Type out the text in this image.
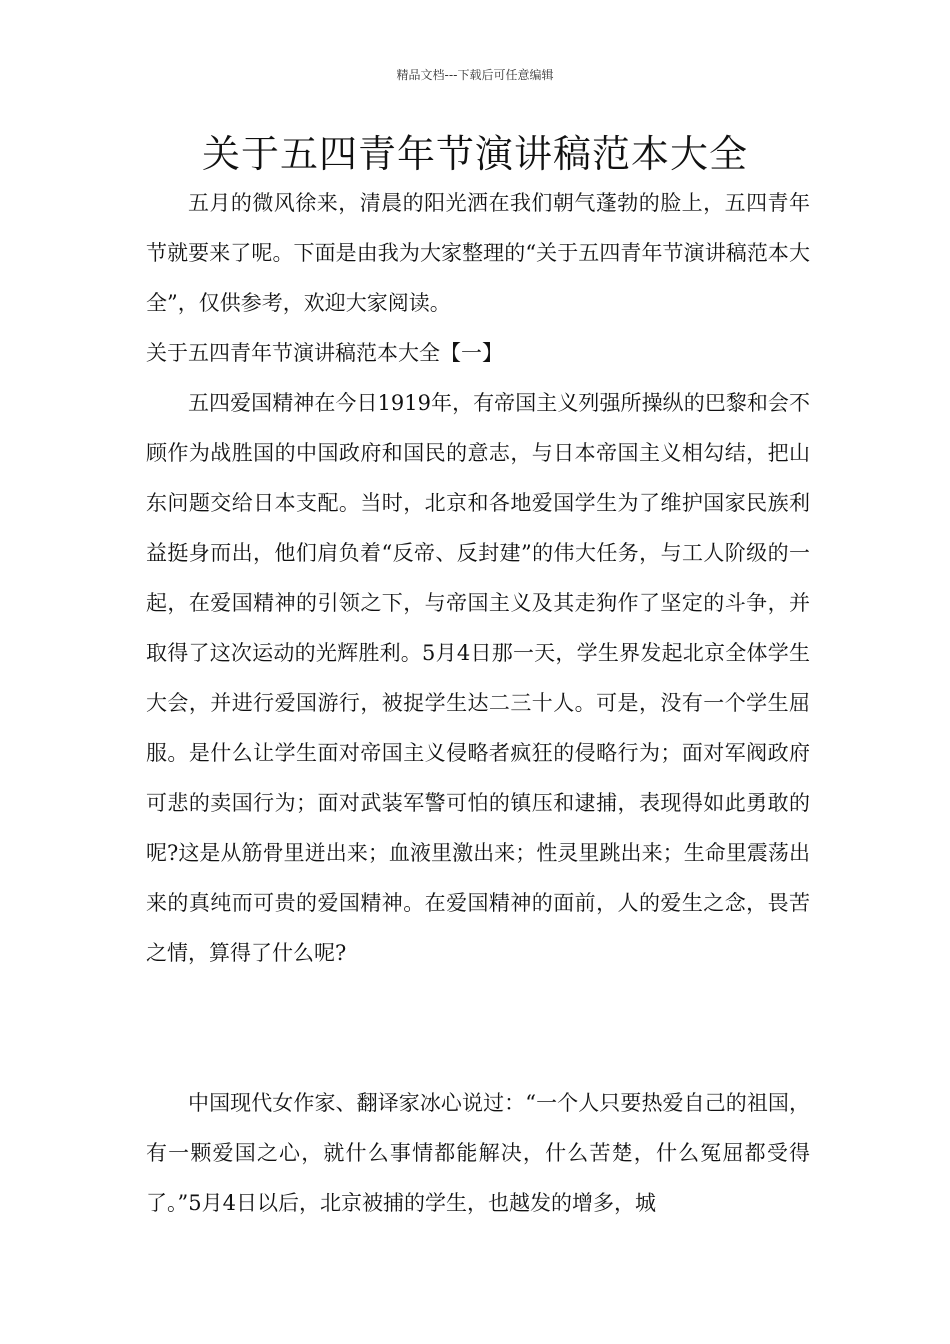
精品文档---下载后可任意编辑
关于五四青年节演讲稿范本大全

五月的微风徐来，清晨的阳光洒在我们朝气蓬勃的脸上，五四青年节就要来了呢。下面是由我为大家整理的“关于五四青年节演讲稿范本大全”，仅供参考，欢迎大家阅读。

关于五四青年节演讲稿范本大全【一】

五四爱国精神在今日1919年，有帝国主义列强所操纵的巴黎和会不顾作为战胜国的中国政府和国民的意志，与日本帝国主义相勾结，把山东问题交给日本支配。当时，北京和各地爱国学生为了维护国家民族利益挺身而出，他们肩负着“反帝、反封建”的伟大任务，与工人阶级的一起，在爱国精神的引领之下，与帝国主义及其走狗作了坚定的斗争，并取得了这次运动的光辉胜利。5月4日那一天，学生界发起北京全体学生大会，并进行爱国游行，被捉学生达二三十人。可是，没有一个学生屈服。是什么让学生面对帝国主义侵略者疯狂的侵略行为；面对军阀政府可悲的卖国行为；面对武装军警可怕的镇压和逮捕，表现得如此勇敢的呢?这是从筋骨里迸出来；血液里激出来；性灵里跳出来；生命里震荡出来的真纯而可贵的爱国精神。在爱国精神的面前，人的爱生之念，畏苦之情，算得了什么呢?

中国现代女作家、翻译家冰心说过：“一个人只要热爱自己的祖国，有一颗爱国之心，就什么事情都能解决，什么苦楚，什么冤屈都受得了。”5月4日以后，北京被捕的学生，也越发的增多，城
